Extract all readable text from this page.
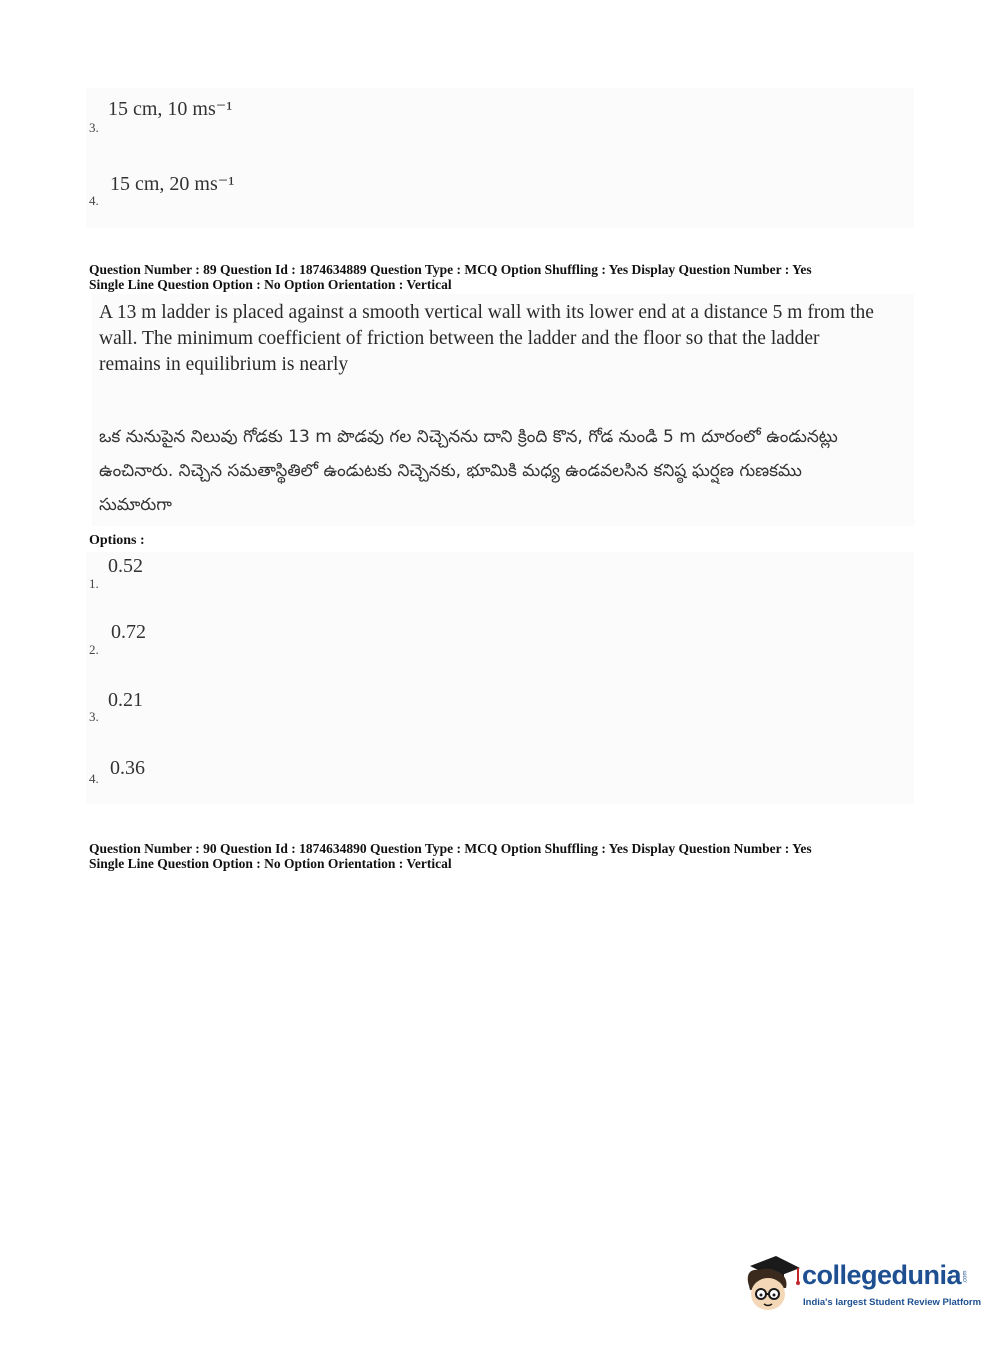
3.
15 cm, 10 ms⁻¹
4.
15 cm, 20 ms⁻¹
Question Number : 89 Question Id : 1874634889 Question Type : MCQ Option Shuffling : Yes Display Question Number : Yes
Single Line Question Option : No Option Orientation : Vertical
A 13 m ladder is placed against a smooth vertical wall with its lower end at a distance 5 m from the wall. The minimum coefficient of friction between the ladder and the floor so that the ladder remains in equilibrium is nearly
ఒక నునుపైన నిలువు గోడకు 13 m పొడవు గల నిచ్చెనను దాని క్రింది కొన, గోడ నుండి 5 m దూరంలో ఉండునట్లు ఉంచినారు. నిచ్చెన సమతాస్థితిలో ఉండుటకు నిచ్చెనకు, భూమికి మధ్య ఉండవలసిన కనిష్ఠ ఘర్షణ గుణకము సుమారుగా
Options :
1.
0.52
2.
0.72
3.
0.21
4. 0.36
Question Number : 90 Question Id : 1874634890 Question Type : MCQ Option Shuffling : Yes Display Question Number : Yes
Single Line Question Option : No Option Orientation : Vertical
collegedunia .com
India's largest Student Review Platform
